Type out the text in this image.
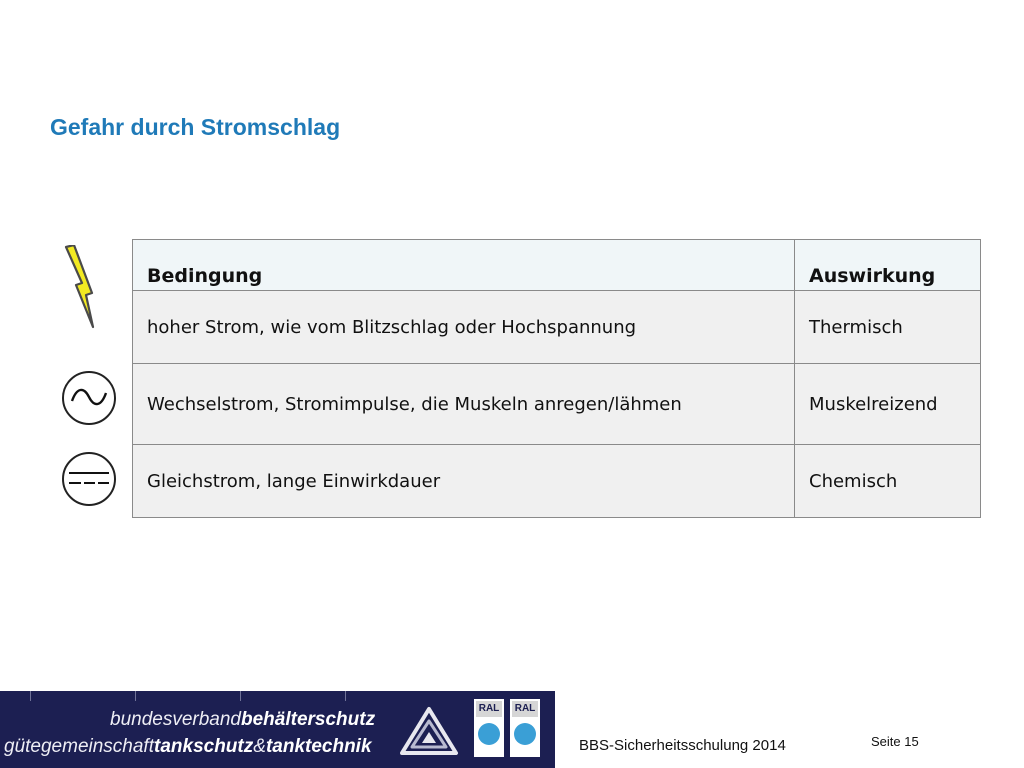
Gefahr durch Stromschlag
Bedingung	Auswirkung
hoher Strom, wie vom Blitzschlag oder Hochspannung	Thermisch
Wechselstrom, Stromimpulse, die Muskeln anregen/lähmen	Muskelreizend
Gleichstrom, lange Einwirkdauer	Chemisch
bundesverbandbehälterschutz
gütegemeinschafttankschutz&tanktechnik
RAL RAL
BBS-Sicherheitsschulung 2014	Seite 15
